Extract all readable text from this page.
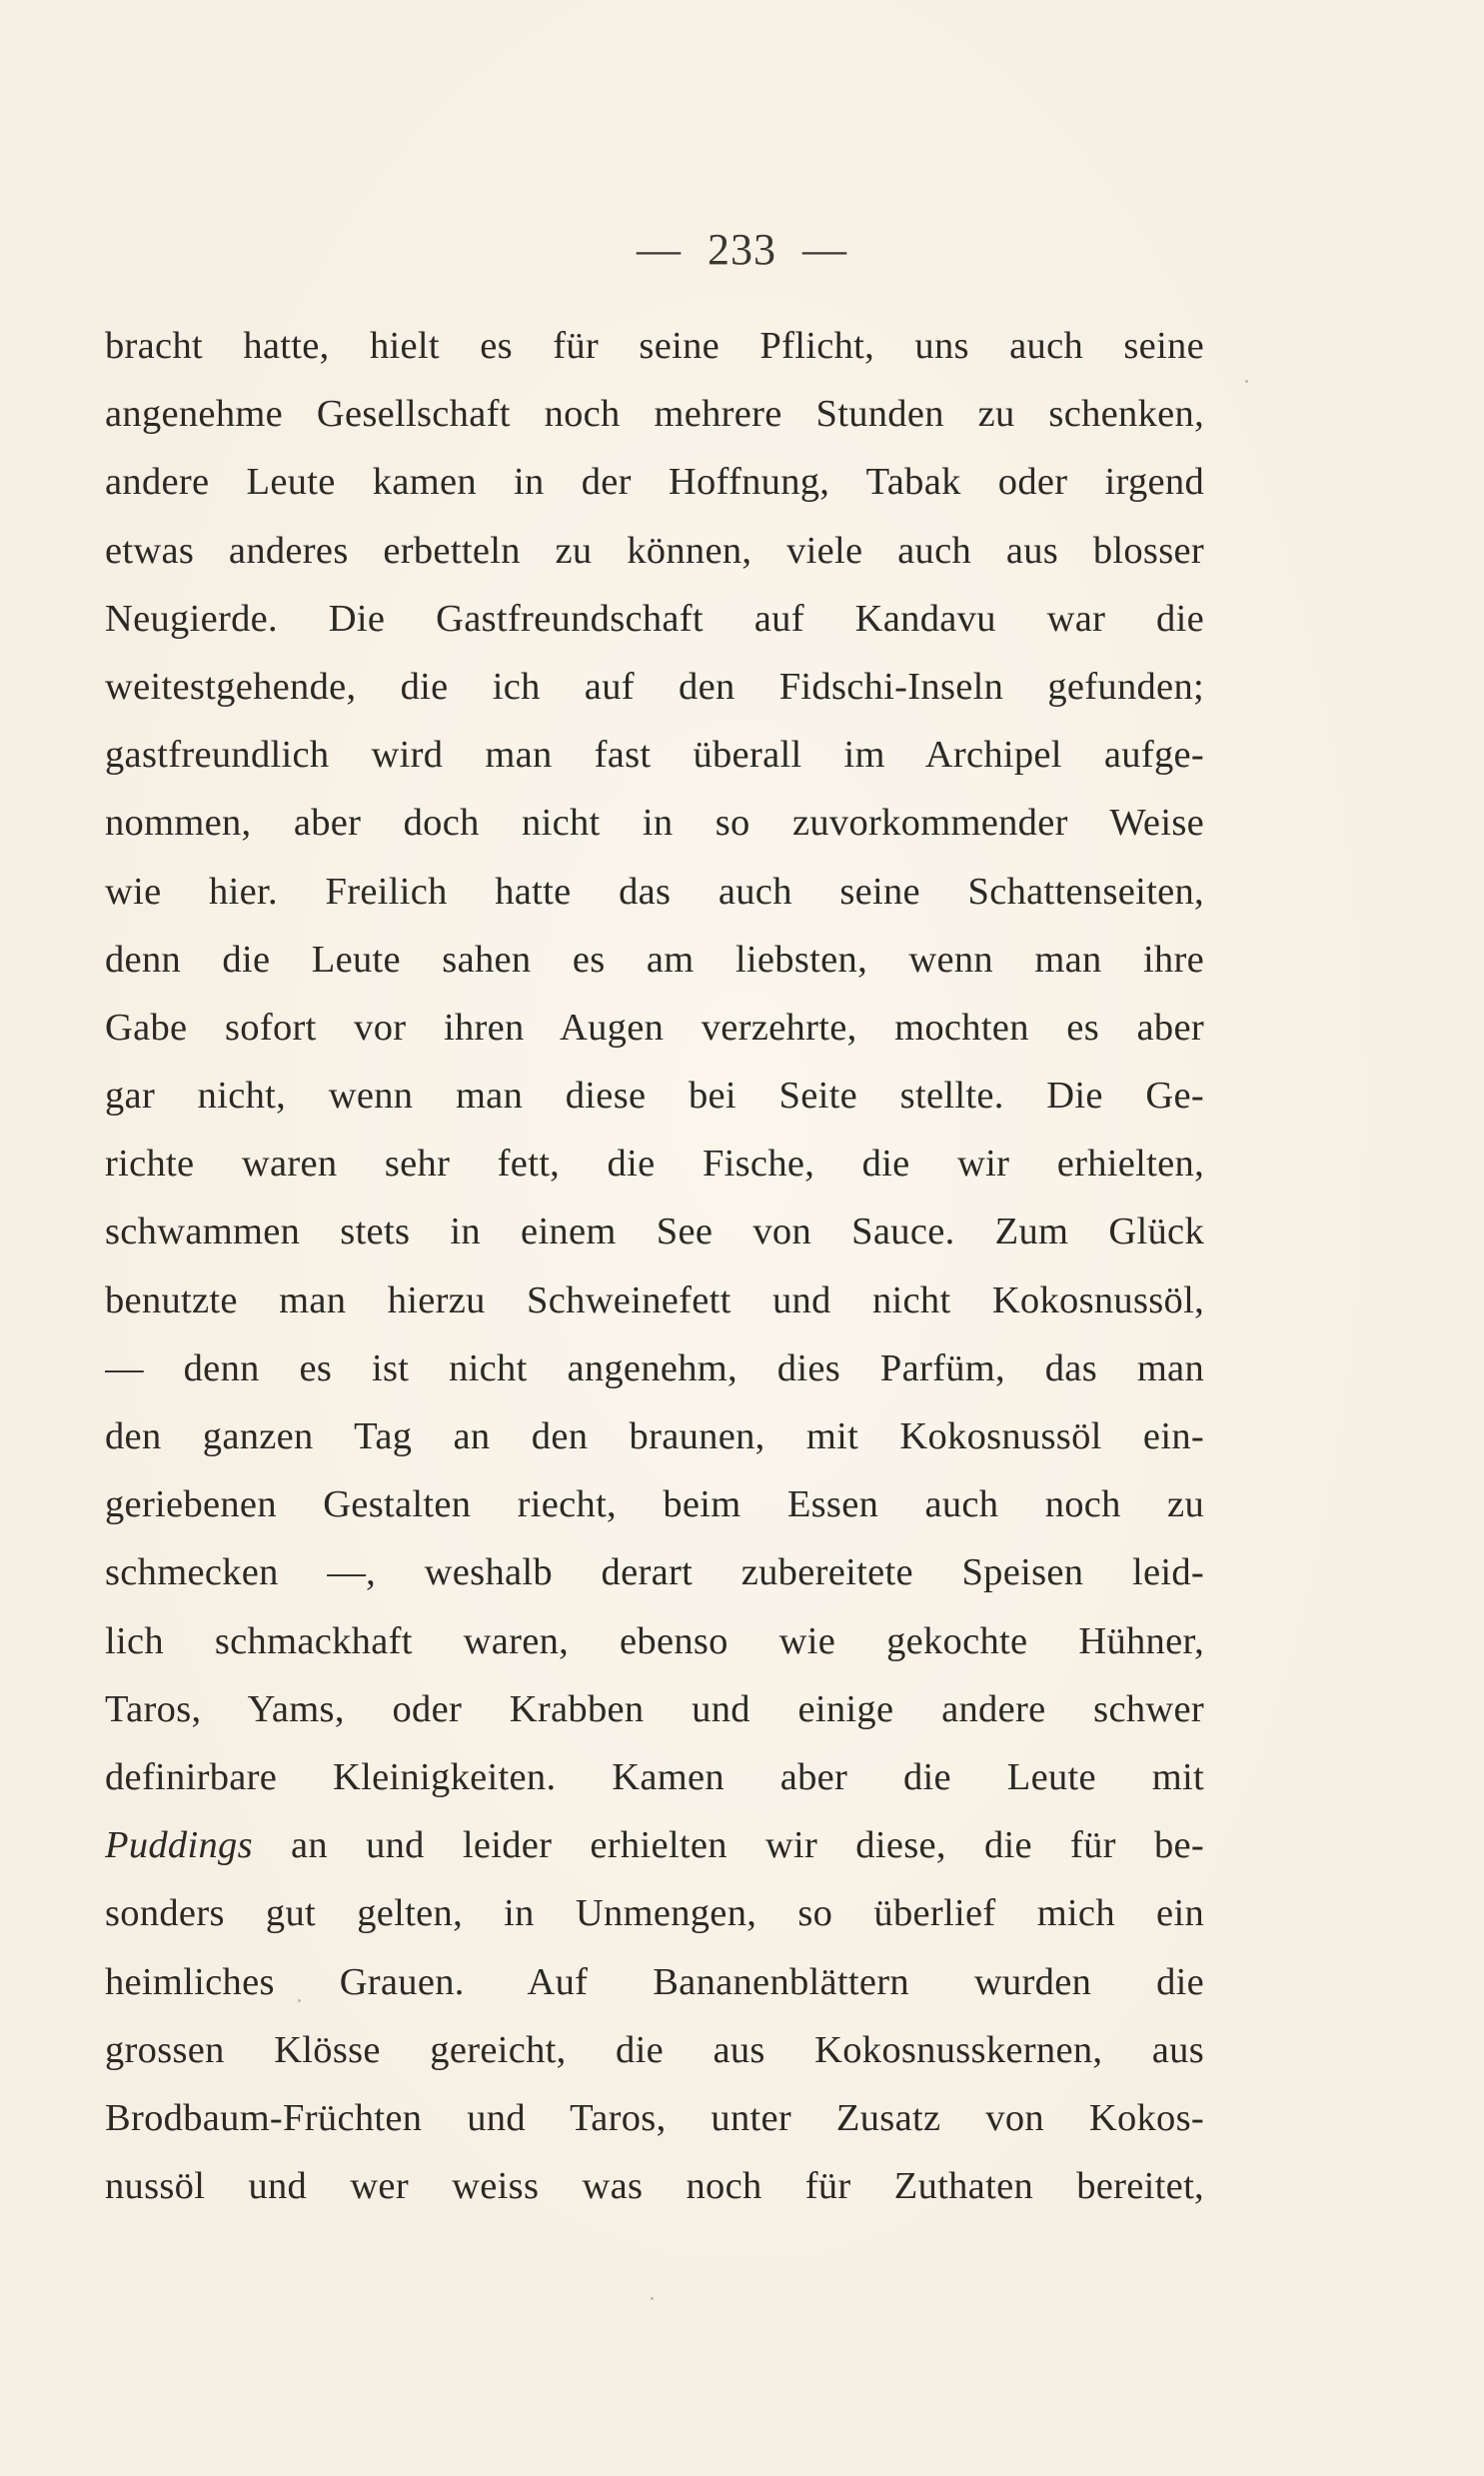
— 233 —
bracht hatte, hielt es für seine Pflicht, uns auch seine
angenehme Gesellschaft noch mehrere Stunden zu schenken,
andere Leute kamen in der Hoffnung, Tabak oder irgend
etwas anderes erbetteln zu können, viele auch aus blosser
Neugierde. Die Gastfreundschaft auf Kandavu war die
weitestgehende, die ich auf den Fidschi-Inseln gefunden;
gastfreundlich wird man fast überall im Archipel aufge-
nommen, aber doch nicht in so zuvorkommender Weise
wie hier. Freilich hatte das auch seine Schattenseiten,
denn die Leute sahen es am liebsten, wenn man ihre
Gabe sofort vor ihren Augen verzehrte, mochten es aber
gar nicht, wenn man diese bei Seite stellte. Die Ge-
richte waren sehr fett, die Fische, die wir erhielten,
schwammen stets in einem See von Sauce. Zum Glück
benutzte man hierzu Schweinefett und nicht Kokosnussöl,
— denn es ist nicht angenehm, dies Parfüm, das man
den ganzen Tag an den braunen, mit Kokosnussöl ein-
geriebenen Gestalten riecht, beim Essen auch noch zu
schmecken —, weshalb derart zubereitete Speisen leid-
lich schmackhaft waren, ebenso wie gekochte Hühner,
Taros, Yams, oder Krabben und einige andere schwer
definirbare Kleinigkeiten. Kamen aber die Leute mit
Puddings an und leider erhielten wir diese, die für be-
sonders gut gelten, in Unmengen, so überlief mich ein
heimliches Grauen. Auf Bananenblättern wurden die
grossen Klösse gereicht, die aus Kokosnusskernen, aus
Brodbaum-Früchten und Taros, unter Zusatz von Kokos-
nussöl und wer weiss was noch für Zuthaten bereitet,
